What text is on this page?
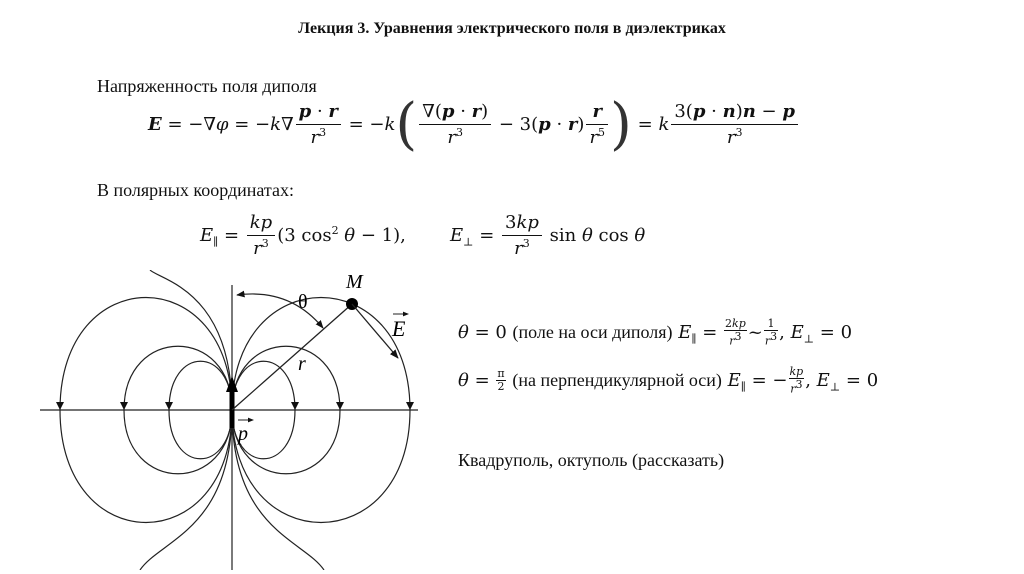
Лекция 3. Уравнения электрического поля в диэлектриках
Напряженность поля диполя
$E = -\nabla\varphi = -k\nabla \frac{p \cdot r}{r^3} = -k( \frac{\nabla(p \cdot r)}{r^3} - 3(p \cdot r) \frac{r}{r^5}$ ) = k $\frac{3(p \cdot n)n - p}{r^3}$
В полярных координатах:
$E_\parallel = \frac{kp}{r^3} (3$ $\cos^2 \theta - 1$), $E_\perp = \frac{3kp}{r^3}$ sin θ cos θ
θ = 0 (поле на оси диполя) $E_\parallel = \frac{2kp}{r^3}$ ~ $\frac{1}{r^3}$ , $E_\perp = 0$
$\theta = \frac{\pi}{2} (на$ перпендикулярной оси) $E_\parallel$ = − $\frac{kp}{r^3}$ , $E_\perp = 0$
Квадруполь, октуполь (рассказать)
M
θ
r
E
p
